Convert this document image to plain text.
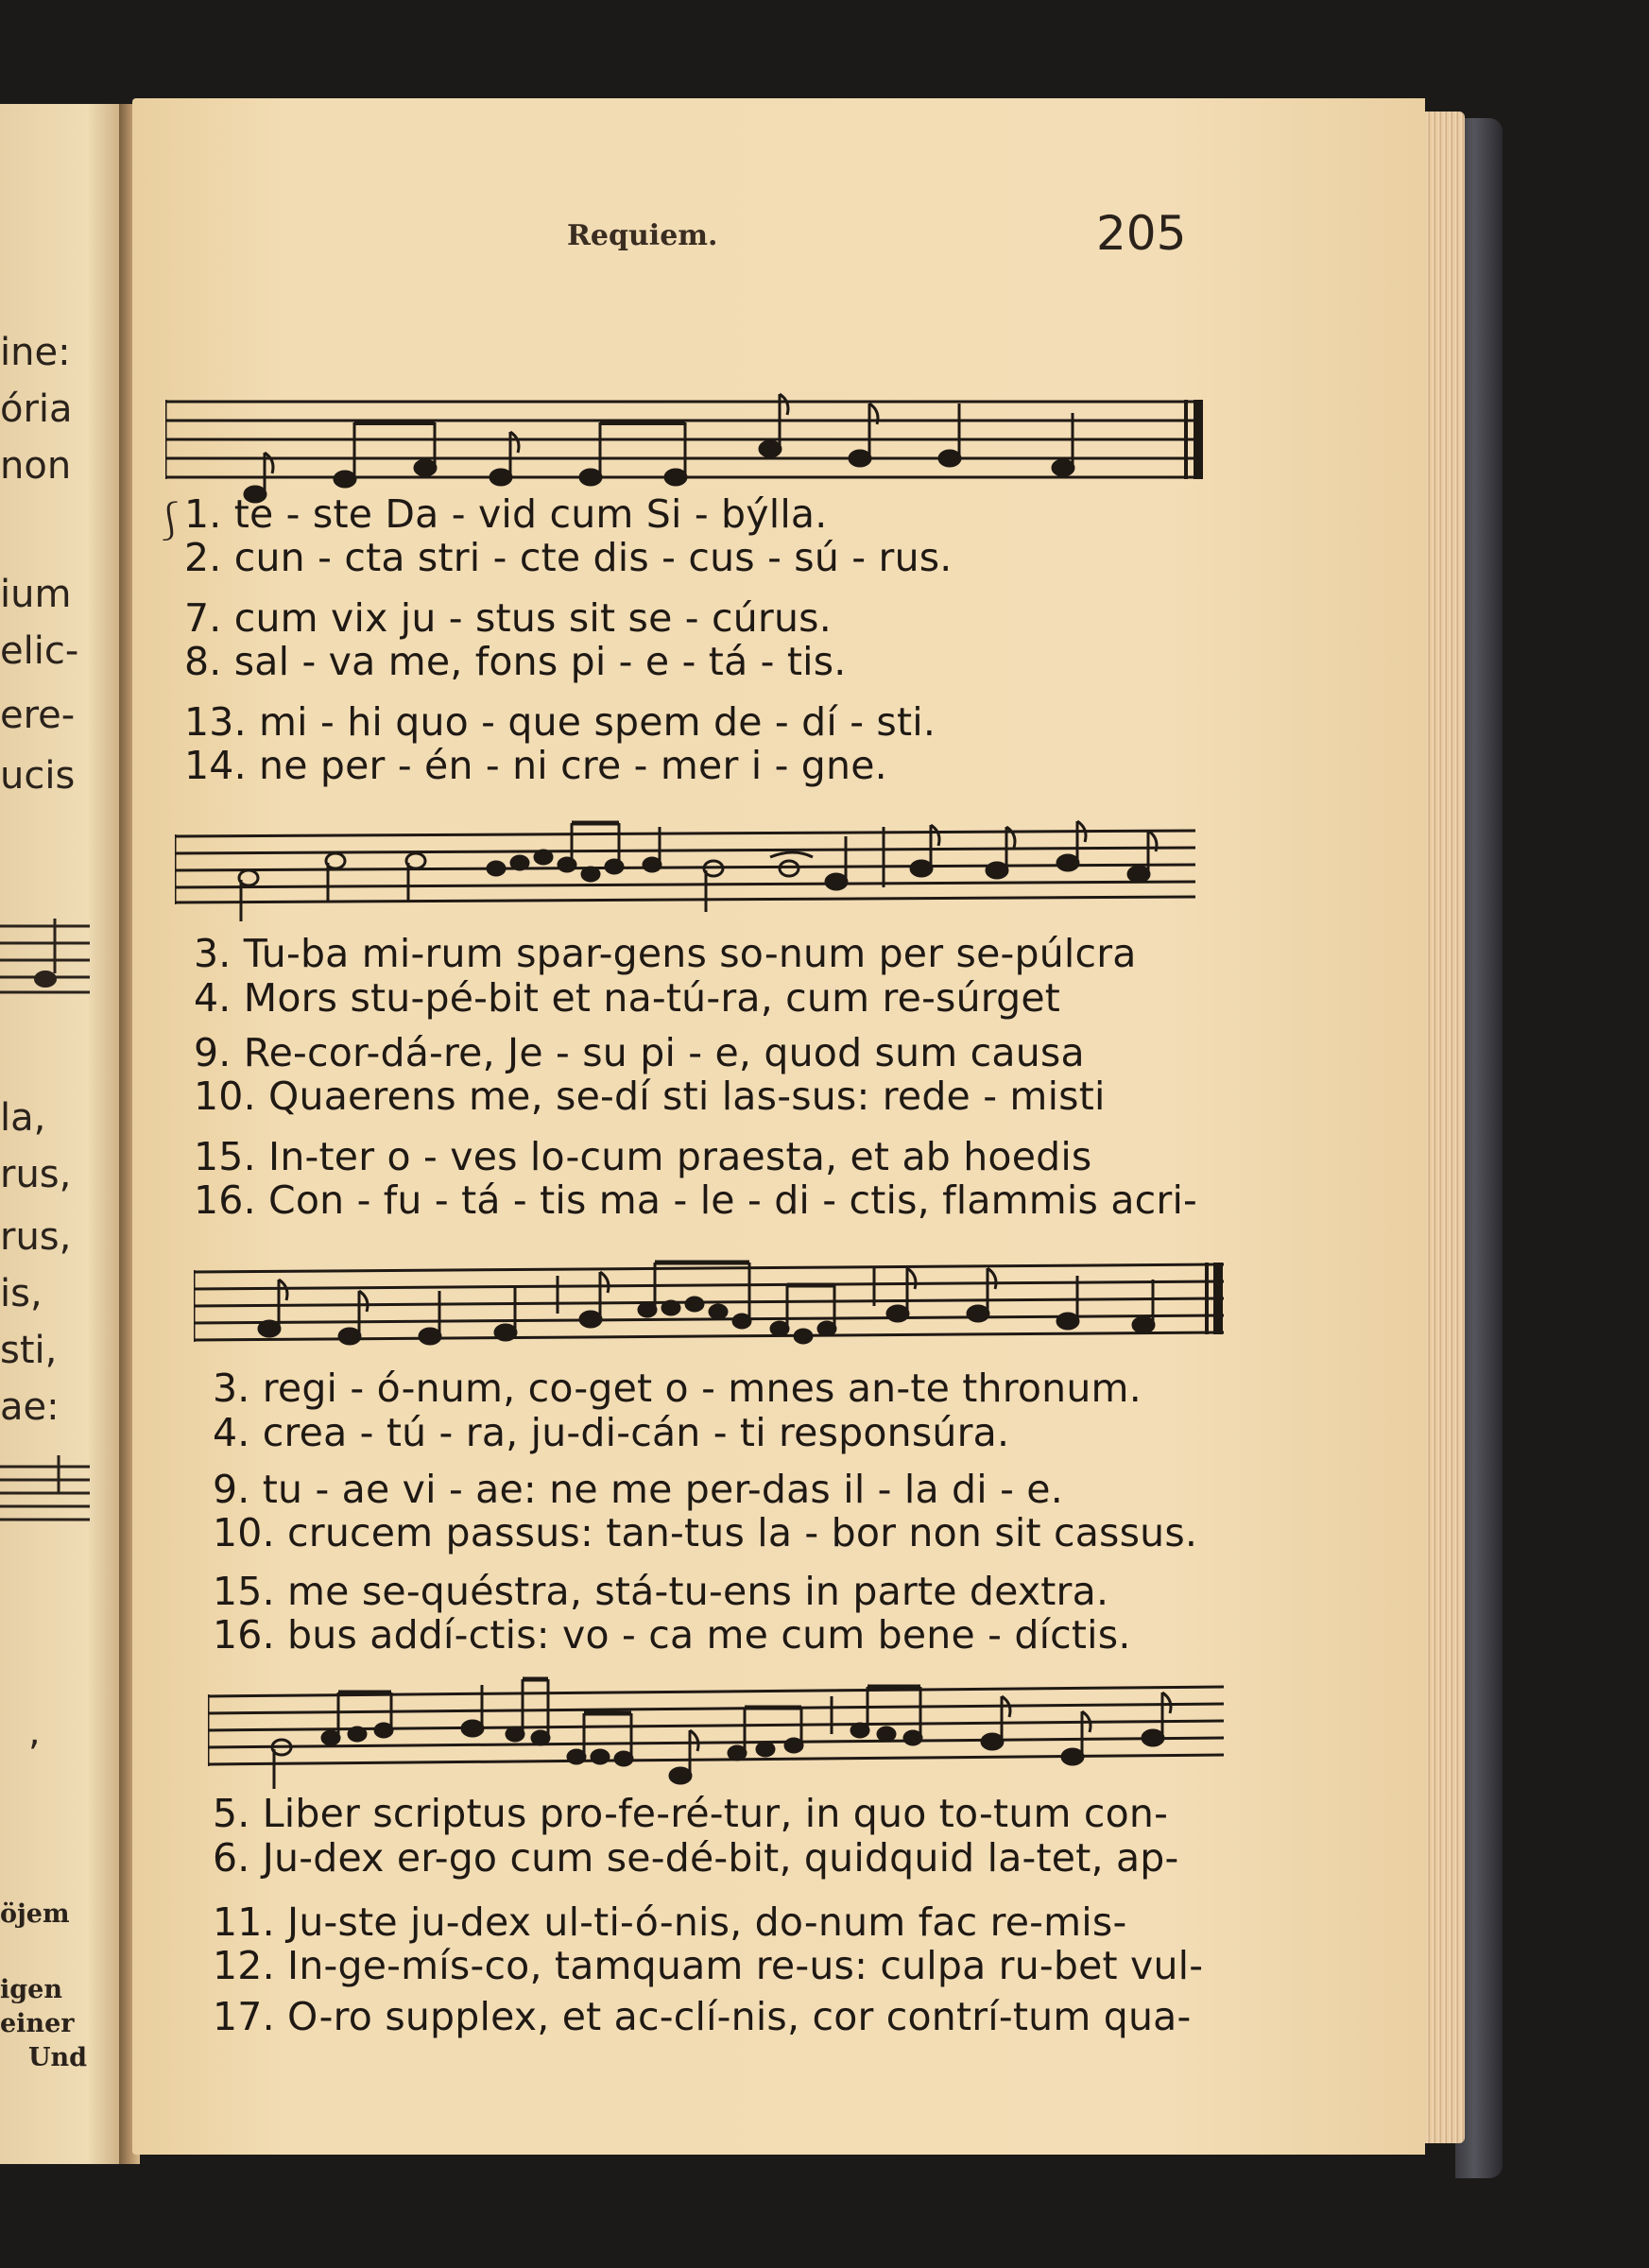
ine:
ória
non
ium
elic-
ere-
ucis
la,
rus,
rus,
is,
sti,
ae:
,
öjem
igen
einer
Und
Requiem.	205
⎰
1. te - ste Da - vid cum Si - býlla.
2. cun - cta stri - cte dis - cus - sú - rus.
7. cum vix ju - stus sit se - cúrus.
8. sal - va me, fons pi - e - tá - tis.
13. mi - hi quo - que spem de - dí - sti.
14. ne per - én - ni cre - mer i - gne.
3. Tu-ba mi-rum spar-gens so-num per se-púlcra
4. Mors stu-pé-bit et na-tú-ra, cum re-súrget
9. Re-cor-dá-re, Je - su pi - e, quod sum causa
10. Quaerens me, se-dí sti las-sus: rede - misti
15. In-ter o - ves lo-cum praesta, et ab hoedis
16. Con - fu - tá - tis ma - le - di - ctis, flammis acri-
3. regi - ó-num, co-get o - mnes an-te thronum.
4. crea - tú - ra, ju-di-cán - ti responsúra.
9. tu - ae vi - ae: ne me per-das il - la di - e.
10. crucem passus: tan-tus la - bor non sit cassus.
15. me se-quéstra, stá-tu-ens in parte dextra.
16. bus addí-ctis: vo - ca me cum bene - díctis.
5. Liber scriptus pro-fe-ré-tur, in quo to-tum con-
6. Ju-dex er-go cum se-dé-bit, quidquid la-tet, ap-
11. Ju-ste ju-dex ul-ti-ó-nis, do-num fac re-mis-
12. In-ge-mís-co, tamquam re-us: culpa ru-bet vul-
17. O-ro supplex, et ac-clí-nis, cor contrí-tum qua-
